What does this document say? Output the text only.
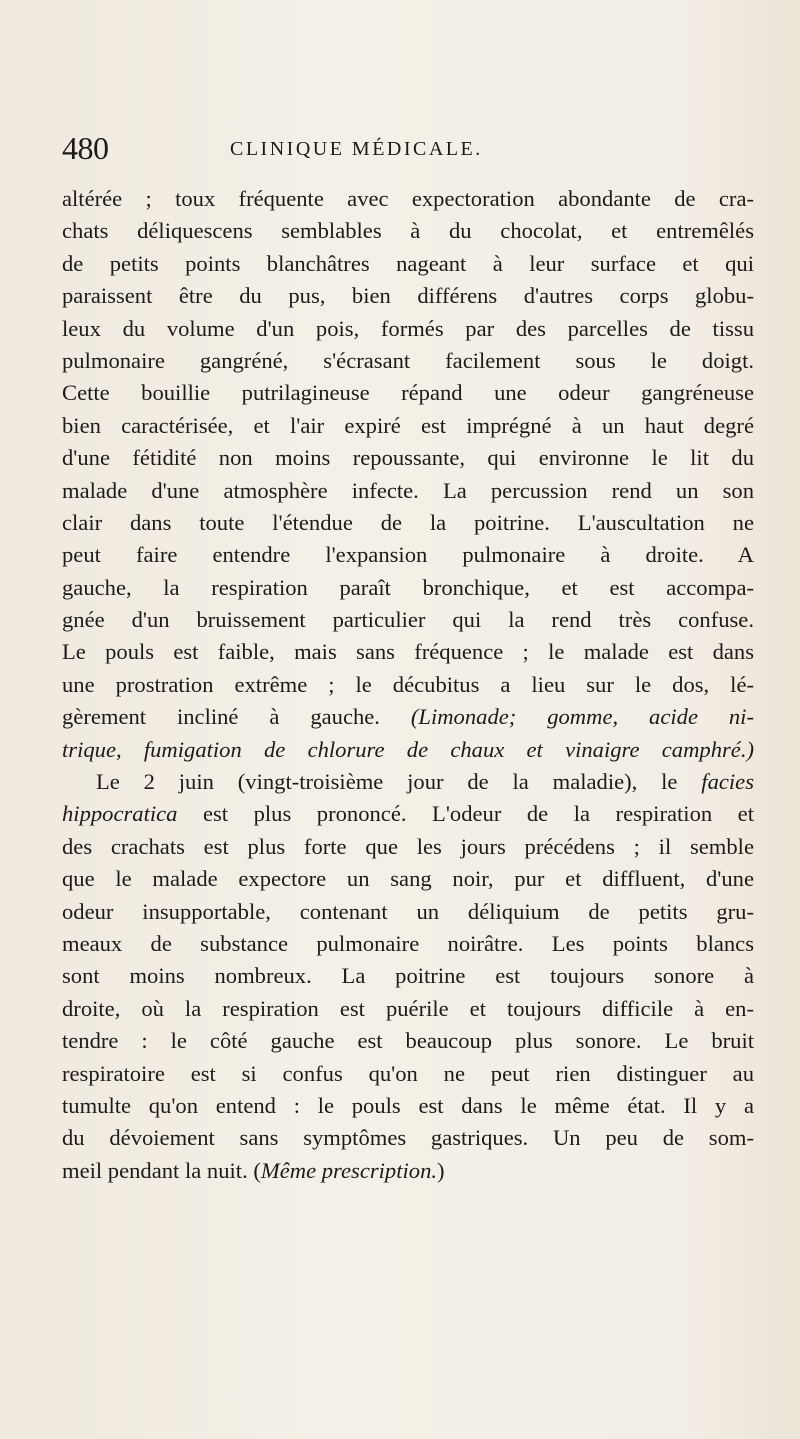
480	CLINIQUE MÉDICALE.
altérée ; toux fréquente avec expectoration abondante de cra-
chats déliquescens semblables à du chocolat, et entremêlés
de petits points blanchâtres nageant à leur surface et qui
paraissent être du pus, bien différens d'autres corps globu-
leux du volume d'un pois, formés par des parcelles de tissu
pulmonaire gangréné, s'écrasant facilement sous le doigt.
Cette bouillie putrilagineuse répand une odeur gangréneuse
bien caractérisée, et l'air expiré est imprégné à un haut degré
d'une fétidité non moins repoussante, qui environne le lit du
malade d'une atmosphère infecte. La percussion rend un son
clair dans toute l'étendue de la poitrine. L'auscultation ne
peut faire entendre l'expansion pulmonaire à droite. A
gauche, la respiration paraît bronchique, et est accompa-
gnée d'un bruissement particulier qui la rend très confuse.
Le pouls est faible, mais sans fréquence ; le malade est dans
une prostration extrême ; le décubitus a lieu sur le dos, lé-
gèrement incliné à gauche. (Limonade; gomme, acide ni-
trique, fumigation de chlorure de chaux et vinaigre camphré.)
Le 2 juin (vingt-troisième jour de la maladie), le facies
hippocratica est plus prononcé. L'odeur de la respiration et
des crachats est plus forte que les jours précédens ; il semble
que le malade expectore un sang noir, pur et diffluent, d'une
odeur insupportable, contenant un déliquium de petits gru-
meaux de substance pulmonaire noirâtre. Les points blancs
sont moins nombreux. La poitrine est toujours sonore à
droite, où la respiration est puérile et toujours difficile à en-
tendre : le côté gauche est beaucoup plus sonore. Le bruit
respiratoire est si confus qu'on ne peut rien distinguer au
tumulte qu'on entend : le pouls est dans le même état. Il y a
du dévoiement sans symptômes gastriques. Un peu de som-
meil pendant la nuit. (Même prescription.)
